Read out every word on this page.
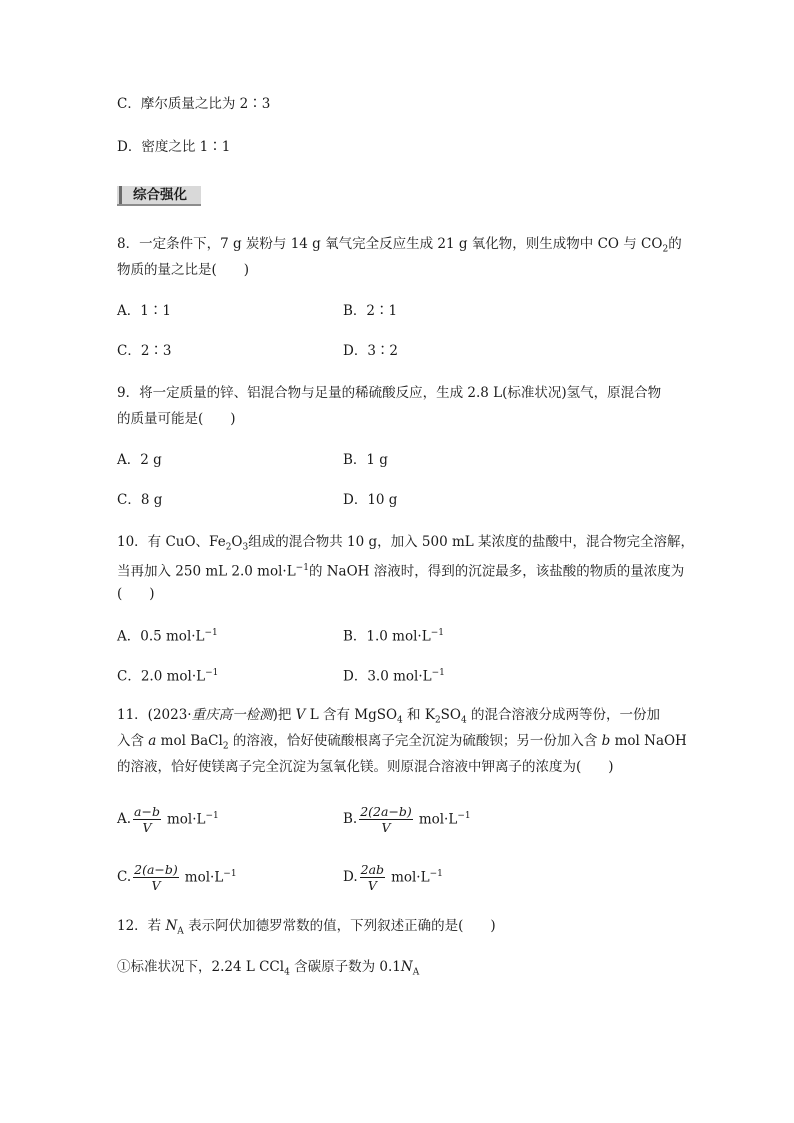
C．摩尔质量之比为 2∶3
D．密度之比 1∶1
综合强化
8．一定条件下，7 g 炭粉与 14 g 氧气完全反应生成 21 g 氧化物，则生成物中 CO 与 $CO_2$的
物质的量之比是(　　)
A．1∶1	B．2∶1
C．2∶3	D．3∶2
9．将一定质量的锌、铝混合物与足量的稀硫酸反应，生成 2.8 L(标准状况)氢气，原混合物
的质量可能是(　　)
A．2 g	B．1 g
C．8 g	D．10 g
10．有 CuO、$Fe_2O_3$组成的混合物共 10 g，加入 500 mL 某浓度的盐酸中，混合物完全溶解，
当再加入 250 mL 2.0 $mol\cdot L^{-1}$的 NaOH 溶液时，得到的沉淀最多，该盐酸的物质的量浓度为
(　　)
A．0.5 $mol\cdot L^{-1}$	B．1.0 $mol\cdot L^{-1}$
C．2.0 $mol\cdot L^{-1}$	D．3.0 $mol\cdot L^{-1}$
11．(2023·重庆高一检测)把 V L 含有 MgSO$_4$ 和 $K_2SO_4$ 的混合溶液分成两等份，一份加
入含 a mol BaCl$_2$ 的溶液，恰好使硫酸根离子完全沉淀为硫酸钡；另一份加入含 b mol NaOH
的溶液，恰好使镁离子完全沉淀为氢氧化镁。则原混合溶液中钾离子的浓度为(　　)
A. $\frac{a-b}{V} mol\cdot L^{-1}$	B. $\frac{2(2a-b)}{V} mol\cdot L^{-1}$
C. $\frac{2(a-b)}{V} mol\cdot L^{-1}$	D. $\frac{2ab}{V} mol\cdot L^{-1}$
12．若 $N_A$ 表示阿伏加德罗常数的值，下列叙述正确的是(　　)
①标准状况下，2.24 L CCl$_4$ 含碳原子数为 $0.1N_A$
